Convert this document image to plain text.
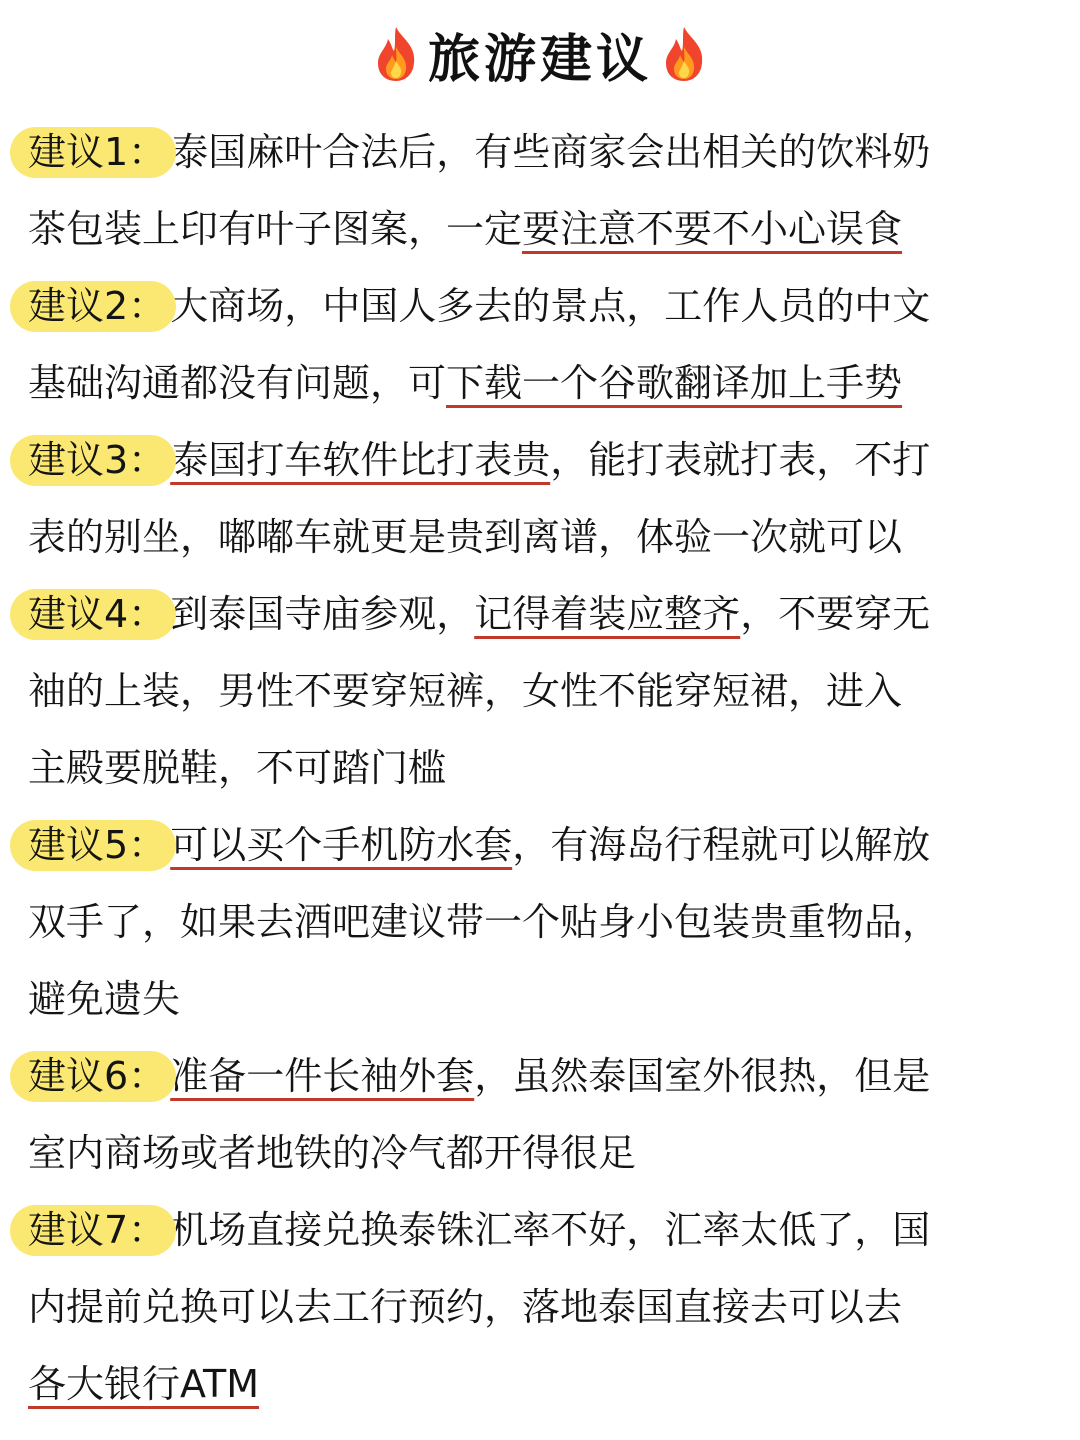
旅游建议
建议1： 泰国麻叶合法后，有些商家会出相关的饮料奶
茶包装上印有叶子图案，一定要注意不要不小心误食
建议2： 大商场，中国人多去的景点，工作人员的中文
基础沟通都没有问题，可下载一个谷歌翻译加上手势
建议3： 泰国打车软件比打表贵，能打表就打表，不打
表的别坐，嘟嘟车就更是贵到离谱，体验一次就可以
建议4： 到泰国寺庙参观，记得着装应整齐，不要穿无
袖的上装，男性不要穿短裤，女性不能穿短裙，进入
主殿要脱鞋，不可踏门槛
建议5： 可以买个手机防水套，有海岛行程就可以解放
双手了，如果去酒吧建议带一个贴身小包装贵重物品，
避免遗失
建议6： 准备一件长袖外套，虽然泰国室外很热，但是
室内商场或者地铁的冷气都开得很足
建议7： 机场直接兑换泰铢汇率不好，汇率太低了，国
内提前兑换可以去工行预约，落地泰国直接去可以去
各大银行ATM
